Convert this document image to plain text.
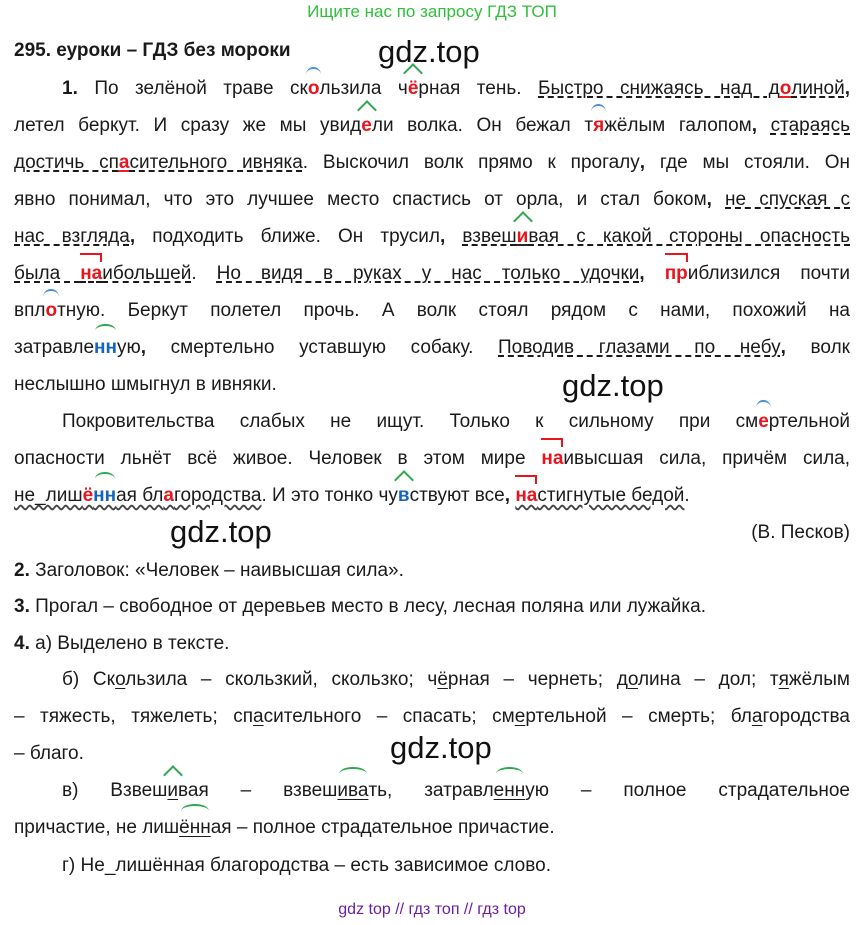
Ищите нас по запросу ГДЗ ТОП
295. еуроки – ГДЗ без мороки	gdz.top
gdz.top
gdz.top
gdz.top
1. По зелёной траве скользила чёрная тень. Быстро снижаясь над долиной,
летел беркут. И сразу же мы увидели волка. Он бежал тяжёлым галопом, стараясь
достичь спасительного ивняка. Выскочил волк прямо к прогалу, где мы стояли. Он
явно понимал, что это лучшее место спастись от орла, и стал боком, не спуская с
нас взгляда, подходить ближе. Он трусил, взвешивая с какой стороны опасность
была наибольшей. Но видя в руках у нас только удочки, приблизился почти
вплотную. Беркут полетел прочь. А волк стоял рядом с нами, похожий на
затравленную, смертельно уставшую собаку. Поводив глазами по небу, волк
неслышно шмыгнул в ивняки.
Покровительства слабых не ищут. Только к сильному при смертельной
опасности льнёт всё живое. Человек в этом мире наивысшая сила, причём сила,
не_лишённая благородства. И это тонко чувствуют все, настигнутые бедой.
(В. Песков)
2. Заголовок: «Человек – наивысшая сила».
3. Прогал – свободное от деревьев место в лесу, лесная поляна или лужайка.
4. а) Выделено в тексте.
б) Скользила – скользкий, скользко; чёрная – чернеть; долина – дол; тяжёлым
– тяжесть, тяжелеть; спасительного – спасать; смертельной – смерть; благородства
– благо.
в) Взвешивая – взвешивать, затравленную – полное страдательное
причастие, не лишённая – полное страдательное причастие.
г) Не_лишённая благородства – есть зависимое слово.
gdz top // гдз топ // гдз top
